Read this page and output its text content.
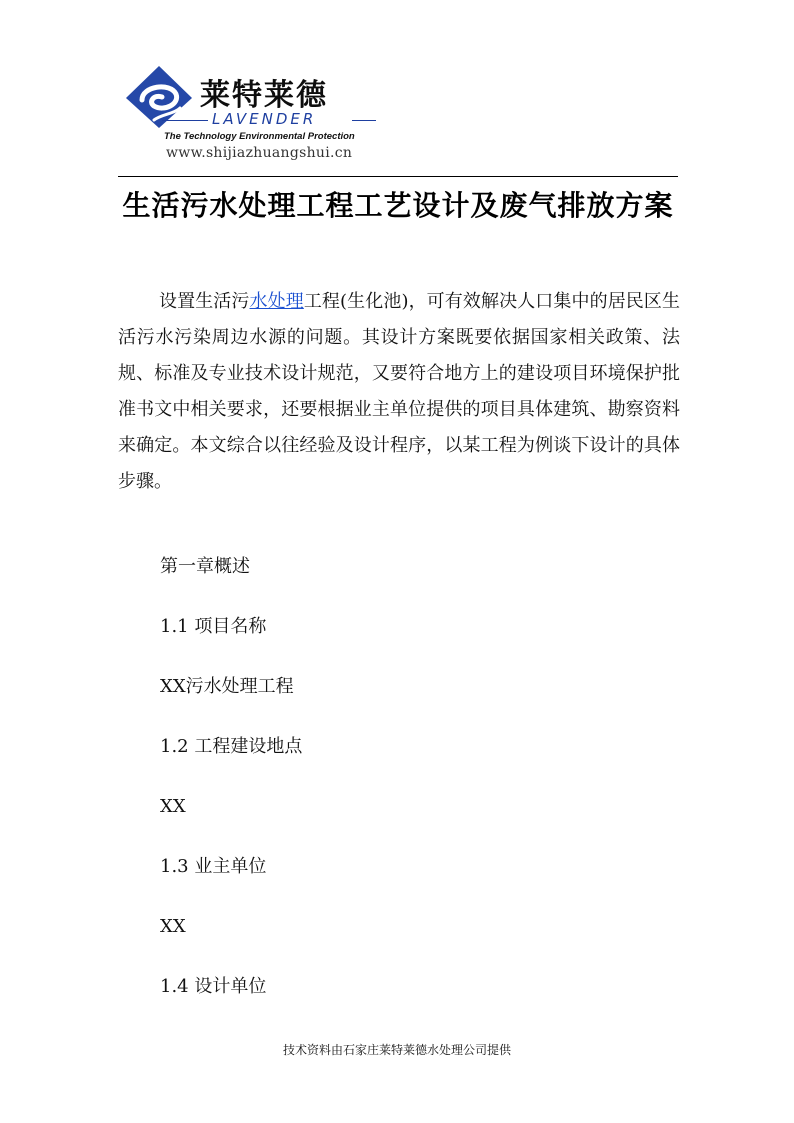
莱特莱德
LAVENDER
The Technology Environmental Protection
www.shijiazhuangshui.cn
生活污水处理工程工艺设计及废气排放方案

设置生活污水处理工程(生化池)，可有效解决人口集中的居民区生活污水污染周边水源的问题。其设计方案既要依据国家相关政策、法规、标准及专业技术设计规范，又要符合地方上的建设项目环境保护批准书文中相关要求，还要根据业主单位提供的项目具体建筑、勘察资料来确定。本文综合以往经验及设计程序，以某工程为例谈下设计的具体步骤。

第一章概述

1.1 项目名称

XX污水处理工程

1.2 工程建设地点

XX

1.3 业主单位

XX

1.4 设计单位

技术资料由石家庄莱特莱德水处理公司提供
